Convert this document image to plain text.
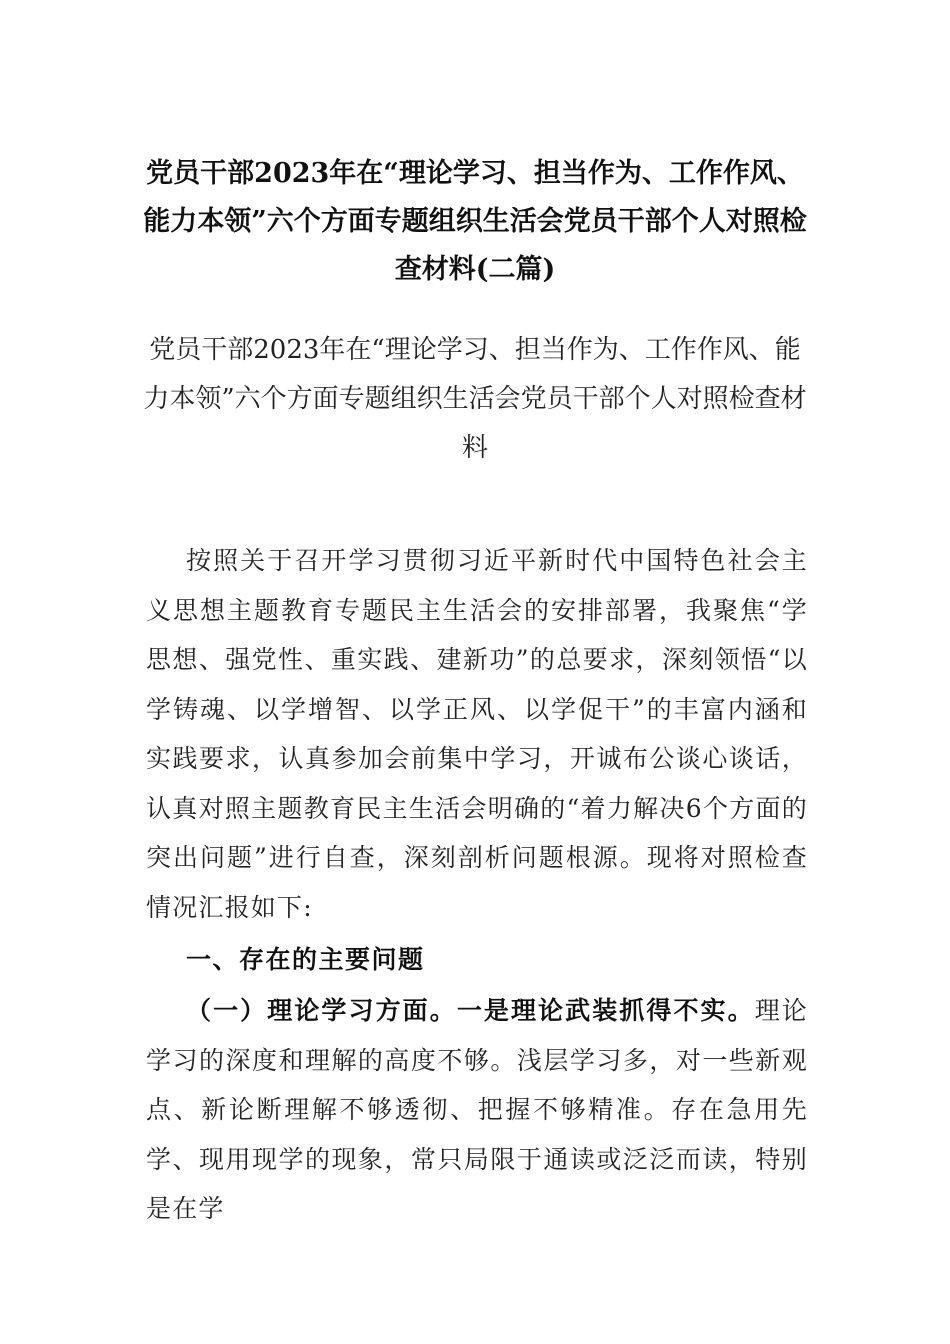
党员干部2023年在“理论学习、担当作为、工作作风、能力本领”六个方面专题组织生活会党员干部个人对照检查材料(二篇)
党员干部2023年在“理论学习、担当作为、工作作风、能力本领”六个方面专题组织生活会党员干部个人对照检查材料
按照关于召开学习贯彻习近平新时代中国特色社会主义思想主题教育专题民主生活会的安排部署，我聚焦“学思想、强党性、重实践、建新功”的总要求，深刻领悟“以学铸魂、以学增智、以学正风、以学促干”的丰富内涵和实践要求，认真参加会前集中学习，开诚布公谈心谈话，认真对照主题教育民主生活会明确的“着力解决6个方面的突出问题”进行自查，深刻剖析问题根源。现将对照检查情况汇报如下:
一、存在的主要问题
（一）理论学习方面。一是理论武装抓得不实。理论学习的深度和理解的高度不够。浅层学习多，对一些新观点、新论断理解不够透彻、把握不够精准。存在急用先学、现用现学的现象，常只局限于通读或泛泛而读，特别是在学
